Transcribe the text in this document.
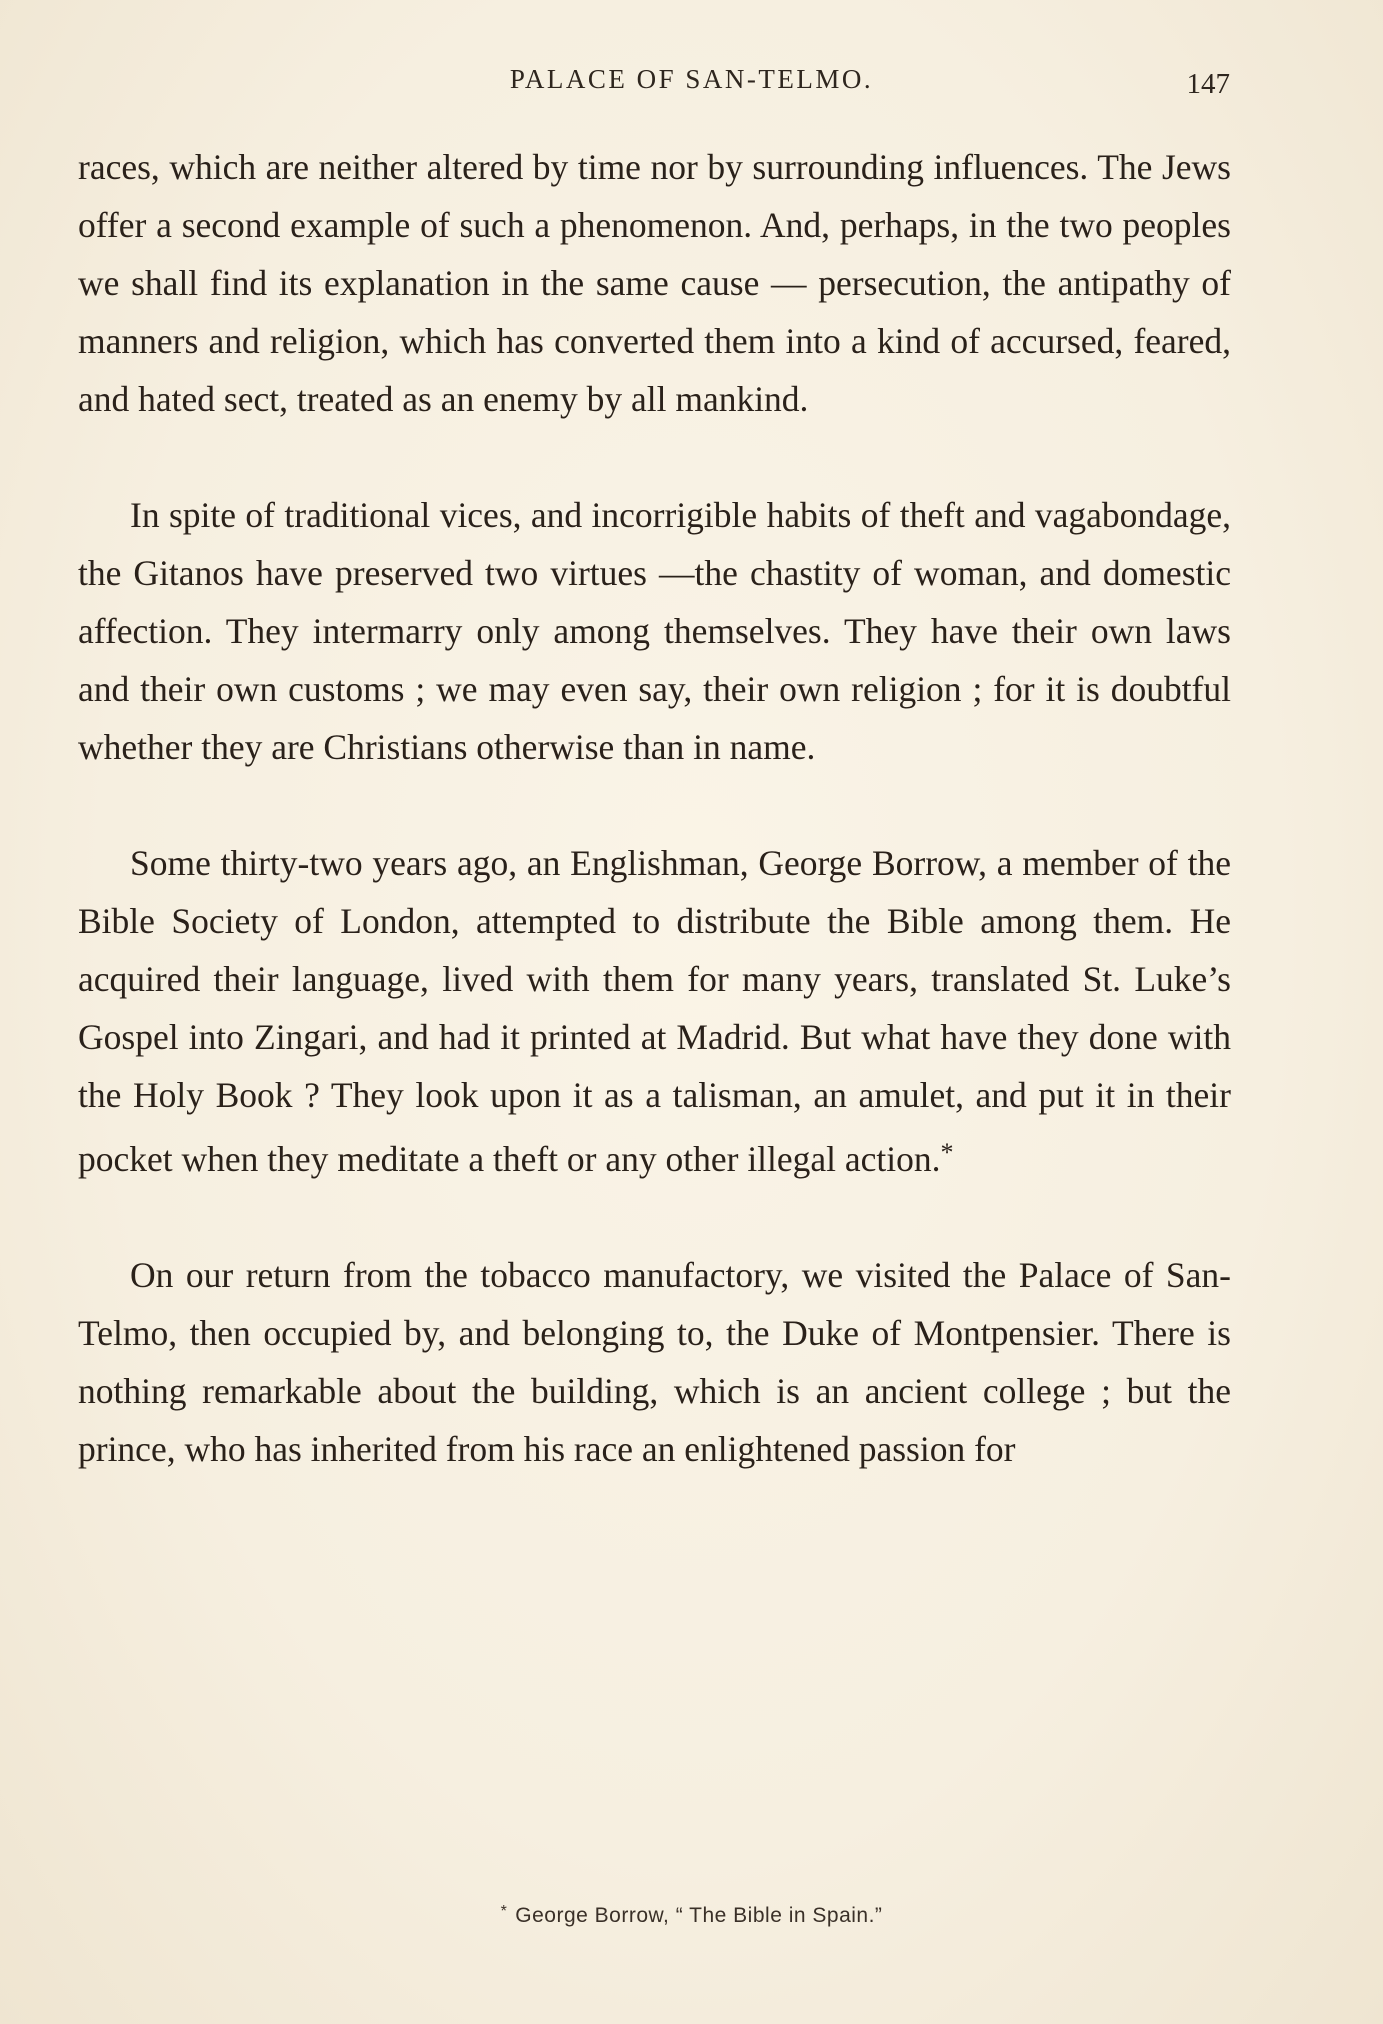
PALACE OF SAN-TELMO.	147

races, which are neither altered by time nor by surrounding influences. The Jews offer a second example of such a phenomenon. And, perhaps, in the two peoples we shall find its explanation in the same cause — persecution, the antipathy of manners and religion, which has converted them into a kind of accursed, feared, and hated sect, treated as an enemy by all mankind.

In spite of traditional vices, and incorrigible habits of theft and vagabondage, the Gitanos have preserved two virtues —the chastity of woman, and domestic affection. They intermarry only among themselves. They have their own laws and their own customs ; we may even say, their own religion ; for it is doubtful whether they are Christians otherwise than in name.

Some thirty-two years ago, an Englishman, George Borrow, a member of the Bible Society of London, attempted to distribute the Bible among them. He acquired their language, lived with them for many years, translated St. Luke’s Gospel into Zingari, and had it printed at Madrid. But what have they done with the Holy Book ? They look upon it as a talisman, an amulet, and put it in their pocket when they meditate a theft or any other illegal action.*

On our return from the tobacco manufactory, we visited the Palace of San-Telmo, then occupied by, and belonging to, the Duke of Montpensier. There is nothing remarkable about the building, which is an ancient college ; but the prince, who has inherited from his race an enlightened passion for

* George Borrow, “ The Bible in Spain.”
